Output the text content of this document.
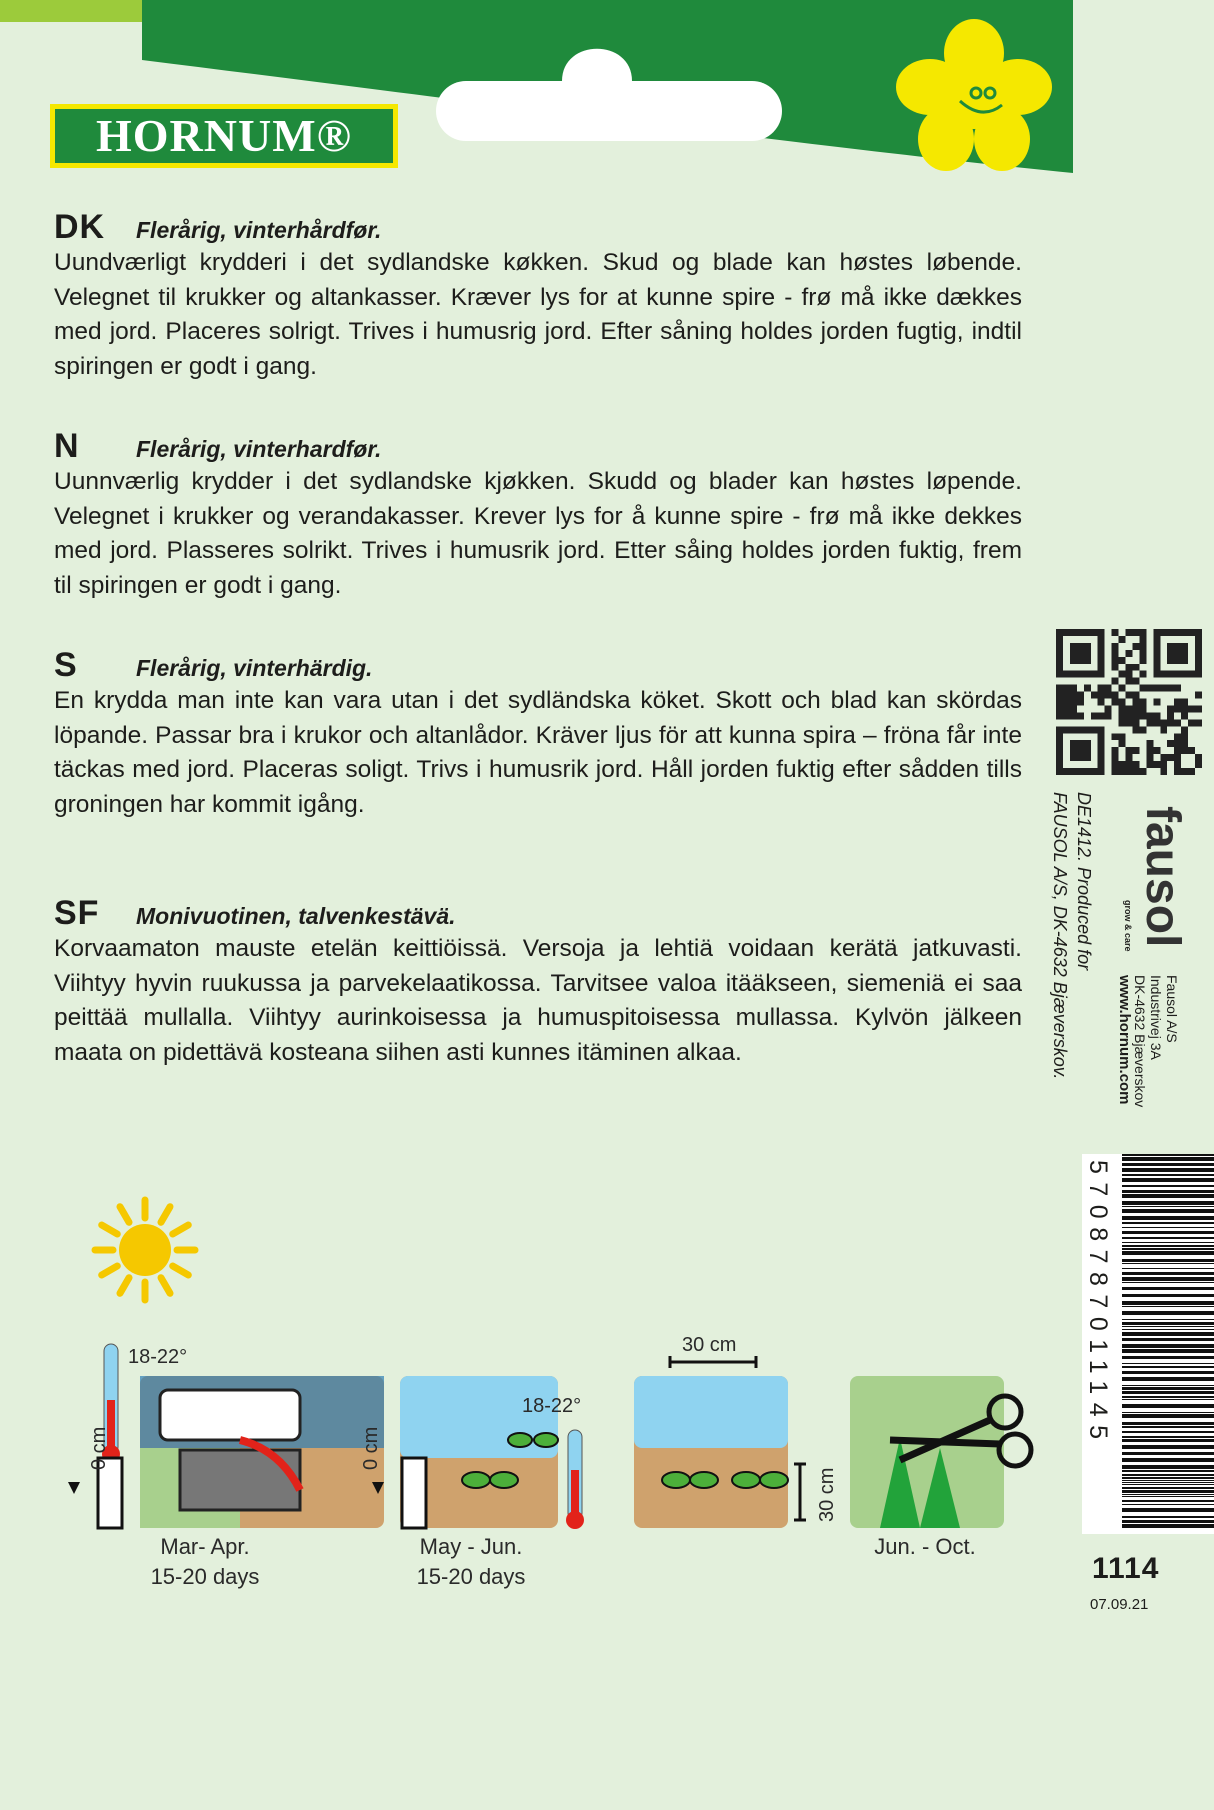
HORNUM®
DK	Flerårig, vinterhårdfør.
Uundværligt krydderi i det sydlandske køkken. Skud og blade kan høstes løbende. Velegnet til krukker og altankasser. Kræver lys for at kunne spire - frø må ikke dækkes med jord. Placeres solrigt. Trives i humusrig jord. Efter såning holdes jorden fugtig, indtil spiringen er godt i gang.
N	Flerårig, vinterhardfør.
Uunnværlig krydder i det sydlandske kjøkken. Skudd og blader kan høstes løpende. Velegnet i krukker og verandakasser. Krever lys for å kunne spire - frø må ikke dekkes med jord. Plasseres solrikt. Trives i humusrik jord. Etter såing holdes jorden fuktig, frem til spiringen er godt i gang.
S	Flerårig, vinterhärdig.
En krydda man inte kan vara utan i det sydländska köket. Skott och blad kan skördas löpande. Passar bra i krukor och altanlådor. Kräver ljus för att kunna spira – fröna får inte täckas med jord. Placeras soligt. Trivs i humusrik jord. Håll jorden fuktig efter sådden tills groningen har kommit igång.
SF	Monivuotinen, talvenkestävä.
Korvaamaton mauste etelän keittiöissä. Versoja ja lehtiä voidaan kerätä jatkuvasti. Viihtyy hyvin ruukussa ja parvekelaatikossa. Tarvitsee valoa itääkseen, siemeniä ei saa peittää mullalla. Viihtyy aurinkoisessa ja humuspitoisessa mullassa. Kylvön jälkeen maata on pidettävä kosteana siihen asti kunnes itäminen alkaa.
DE1412. Produced for
FAUSOL A/S, DK-4632 Bjæverskov. fausol
grow & care
Fausol A/S
Industrivej 3A
DK-4632 Bjæverskov
www.hornum.com
5708787011145
1114
07.09.21
18-22°
0 cm
Mar- Apr.
15-20 days
18-22°
0 cm
May - Jun.
15-20 days
30 cm
30 cm
Jun. - Oct.
